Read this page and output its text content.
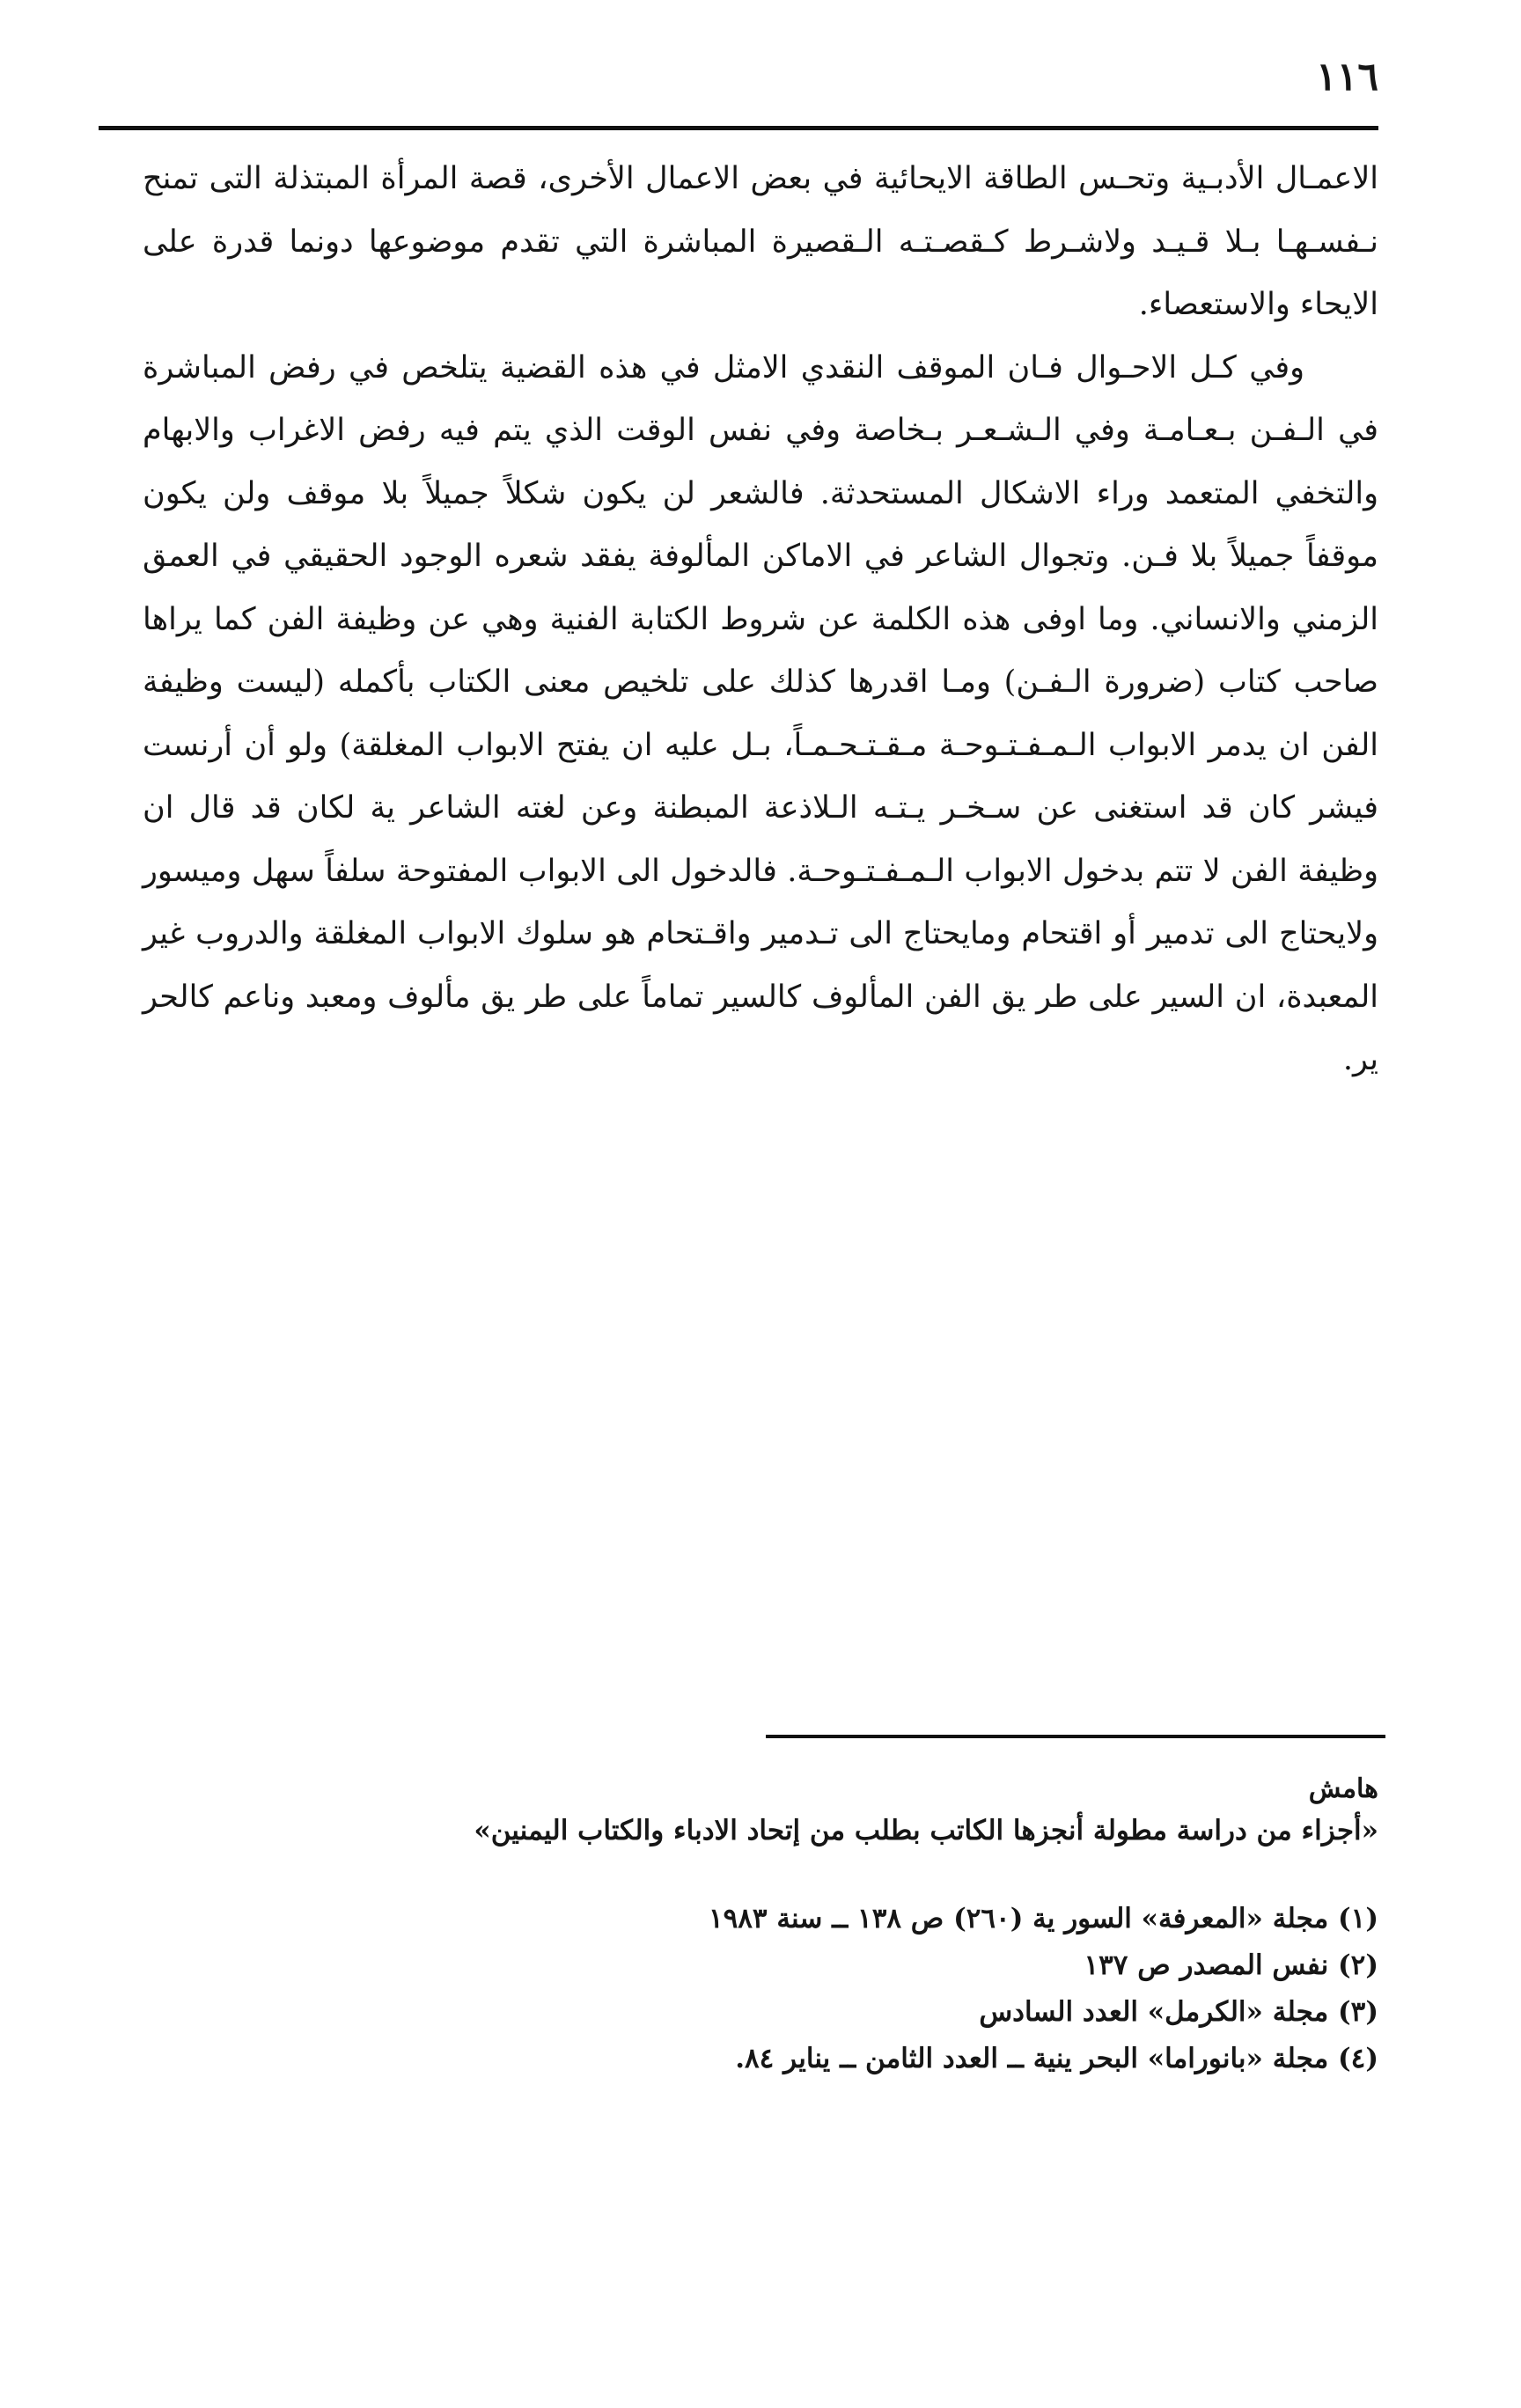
١١٦

الاعمـال الأدبـية وتحـس الطاقة الايحائية في بعض الاعمال الأخرى، قصة المرأة المبتذلة التى تمنح نـفسـهـا بـلا قـيـد ولاشـرط كـقصـتـه الـقصيرة المباشرة التي تقدم موضوعها دونما قدرة على الايحاء والاستعصاء.

وفي كـل الاحـوال فـان الموقف النقدي الامثل في هذه القضية يتلخص في رفض المباشرة في الـفـن بـعـامـة وفي الـشـعـر بـخاصة وفي نفس الوقت الذي يتم فيه رفض الاغراب والابهام والتخفي المتعمد وراء الاشكال المستحدثة. فالشعر لن يكون شكلاً جميلاً بلا موقف ولن يكون موقفاً جميلاً بلا فـن. وتجوال الشاعر في الاماكن المألوفة يفقد شعره الوجود الحقيقي في العمق الزمني والانساني. وما اوفى هذه الكلمة عن شروط الكتابة الفنية وهي عن وظيفة الفن كما يراها صاحب كتاب (ضرورة الـفـن) ومـا اقدرها كذلك على تلخيص معنى الكتاب بأكمله (ليست وظيفة الفن ان يدمر الابواب الـمـفـتـوحـة مـقـتـحـمـاً، بـل عليه ان يفتح الابواب المغلقة) ولو أن أرنست فيشر كان قد استغنى عن سـخـر يـتـه الـلاذعة المبطنة وعن لغته الشاعر ية لكان قد قال ان وظيفة الفن لا تتم بدخول الابواب الـمـفـتـوحـة. فالدخول الى الابواب المفتوحة سلفاً سهل وميسور ولايحتاج الى تدمير أو اقتحام ومايحتاج الى تـدمير واقـتحام هو سلوك الابواب المغلقة والدروب غير المعبدة، ان السير على طر يق الفن المألوف كالسير تماماً على طر يق مألوف ومعبد وناعم كالحر ير.

هامش
«أجزاء من دراسة مطولة أنجزها الكاتب بطلب من إتحاد الادباء والكتاب اليمنين»
(١) مجلة «المعرفة» السور ية (٢٦٠) ص ١٣٨ ــ سنة ١٩٨٣
(٢) نفس المصدر ص ١٣٧
(٣) مجلة «الكرمل» العدد السادس
(٤) مجلة «بانوراما» البحر ينية ــ العدد الثامن ــ يناير ٨٤.
